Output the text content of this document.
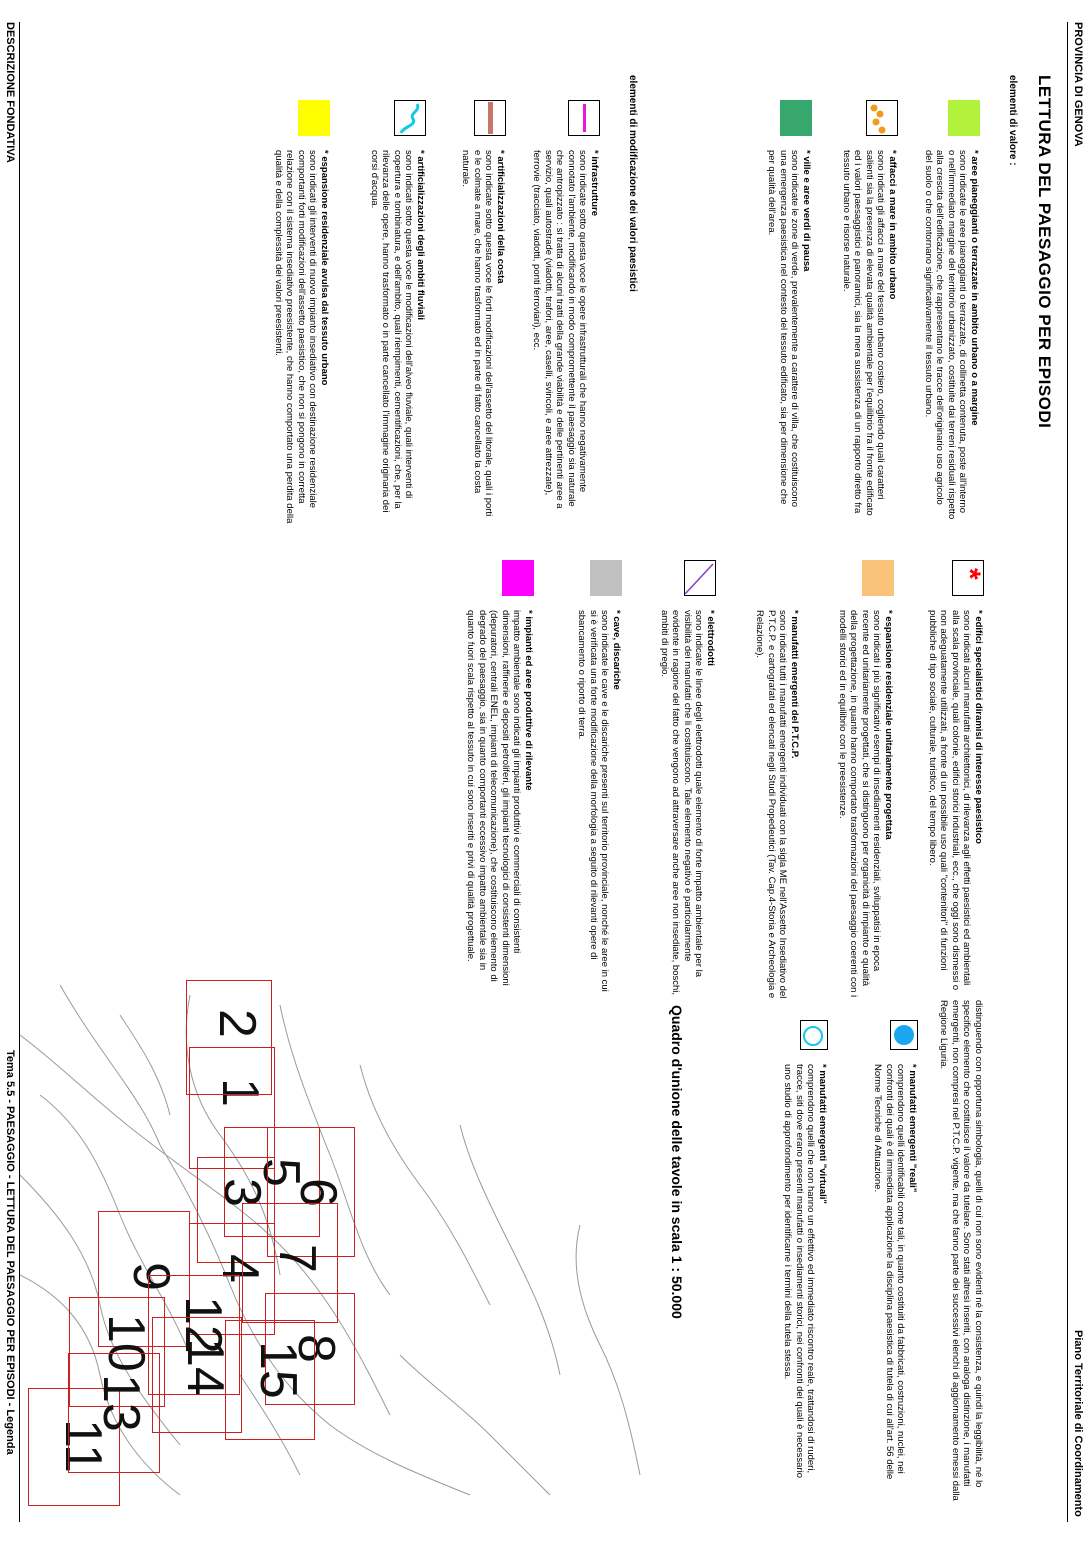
PROVINCIA DI GENOVA
Piano Territoriale di Coordinamento
LETTURA DEL PAESAGGIO PER EPISODI
elementi di valore :
* aree pianeggianti o terrazzate in ambito urbano o a margine
sono indicate le aree pianeggianti o terrazzate, di collinetta contenuta, poste all'interno o nell'immediato margine del territorio urbanizzato, costituite dai terreni residuali rispetto alla crescita dell'edificazione, che rappresentano le tracce dell'originario uso agricolo del suolo o che contornano significativamente il tessuto urbano.
* affacci a mare in ambito urbano
sono indicati gli affacci a mare del tessuto urbano costiero, cogliendo quali caratteri salienti sia la presenza di elevata qualità ambientale per l'equilibrio fra il fronte edificato ed i valori paesaggistici e panoramici, sia la mera sussistenza di un rapporto diretto fra tessuto urbano e risorse naturale.
* ville e aree verdi di pausa
sono indicate le zone di verde, prevalentemente a carattere di villa, che costituiscono una emergenza paesistica nel contesto del tessuto edificato, sia per dimensione che per qualità dell'area.
elementi di modificazione dei valori paesistici
* infrastrutture
sono indicate sotto questa voce le opere infrastrutturali che hanno negativamente connotato l'ambiente, modificando in modo compromettente il paesaggio sia naturale che antropizzato : si tratta di alcuni tratti della grande viabilità e delle pertinenti aree a servizio, quali autostrade (viadotti, trafori, aree, caselli, svincoli, e aree attrezzate), ferrovie (tracciato, viadotti, ponti ferroviari), ecc.
* artificializzazioni della costa
sono indicate sotto questa voce le forti modificazioni dell'assetto del litorale, quali i porti e le colmate a mare, che hanno trasformato ed in parte di fatto cancellato la costa naturale.
* artificializzazioni degli ambiti fluviali
sono indicati sotto questa voce le modificazioni dell'alveo fluviale, quali interventi di copertura e tombinatura, e dell'ambito, quali riempimenti, cementificazioni, che, per la rilevanza delle opere, hanno trasformato o in parte cancellato l'immagine originaria dei corsi d'acqua.
* espansione residenziale avulsa dal tessuto urbano
sono indicati gli interventi di nuovo impianto insediativo con destinazione residenziale comportanti forti modificazioni dell'assetto paesistico, che non si pongono in corretta relazione con il sistema insediativo preesistente, che hanno comportato una perdita della qualità e della complessità dei valori preesistenti.
*
* edifici specialistici diramisi di interesse paesistico
sono indicati alcuni manufatti architettonici, di rilevanza agli effetti paesistici ed ambientali alla scala provinciale, quali colonie, edifici storici industriali, ecc., che oggi sono dismessi o non adeguatamente utilizzati, a fronte di un possibile uso quali "contenitori" di funzioni pubbliche di tipo sociale, culturale, turistico, del tempo libero.
* espansione residenziale unitariamente progettata
sono indicati i più significativi esempi di insediamenti residenziali, sviluppatisi in epoca recente ed unitariamente progettati, che si distinguono per organicità di impianto e qualità della progettazione, in quanto hanno comportato trasformazioni del paesaggio coerenti con i modelli storici ed in equilibrio con le preesistenze.
* manufatti emergenti del P.T.C.P.
sono indicati tutti i manufatti emergenti individuati con la sigla ME nell'Assetto Insediativo del P.T.C.P. e cartografati ed elencati negli Studi Propedeutici (Tav. Cap.4-Storia e Archeologia e Relazione).
* elettrodotti
sono indicate le linee degli elettrodotti quale elemento di forte impatto ambientale per la visibilità dei manufatti che li costituiscono. Tale elemento negativo è particolarmente evidente in ragione del fatto che vengono ad attraversare anche aree non insediate, boschi, ambiti di pregio.
* cave, discariche
sono indicate le cave e le discariche presenti sul territorio provinciale, nonché le aree in cui si è verificata una forte modificazione della morfologia a seguito di rilevanti opere di sbancamento o riporto di terra.
* impianti ed aree produttive di rilevante
impatto ambientale sono indicati gli impianti produttivi e commerciali di consistenti dimensioni, raffinerie e depositi petroliferi, gli impianti tecnologici di consistenti dimensioni (depuratori, centrali ENEL, impianti di telecomunicazione), che costituiscono elemento di degrado del paesaggio, sia in quanto comportanti eccessivo impatto ambientale sia in quanto fuori scala rispetto al tessuto in cui sono inseriti e privi di qualità progettuale.
distinguendo con opportuna simbologia, quelli di cui non sono evidenti né la consistenza, e quindi la leggibilità, né lo specifico elemento che costituisce il valore da tutelare. Sono stati altresì inseriti, con analoga distinzione, i manufatti emergenti, non compresi nel P.T.C.P. vigente, ma che fanno parte dei successivi elenchi di aggiornamento emessi dalla Regione Liguria.
* manufatti emergenti "reali"
comprendono quelli identificabili come tali, in quanto costituiti da fabbricati, costruzioni, nuclei, nei confronti dei quali è di immediata applicazione la disciplina paesistica di tutela di cui all'art. 56 delle Norme Tecniche di Attuazione.
* manufatti emergenti "virtuali"
comprendono quelli che non hanno un effettivo ed immediato riscontro reale, trattandosi di ruderi, tracce, siti dove erano presenti manufatti o insediamenti storici, nei confronti dei quali è necessario uno studio di approfondimento per identificarne i termini della tutela stessa.
Quadro d'unione delle tavole in scala 1 : 50.000
1
2
3
4
5
6
7
8
9
10
11
12
13
14 15
DESCRIZIONE FONDATIVA
Tema 5.5 - PAESAGGIO - LETTURA DEL PAESAGGIO PER EPISODI - Legenda
